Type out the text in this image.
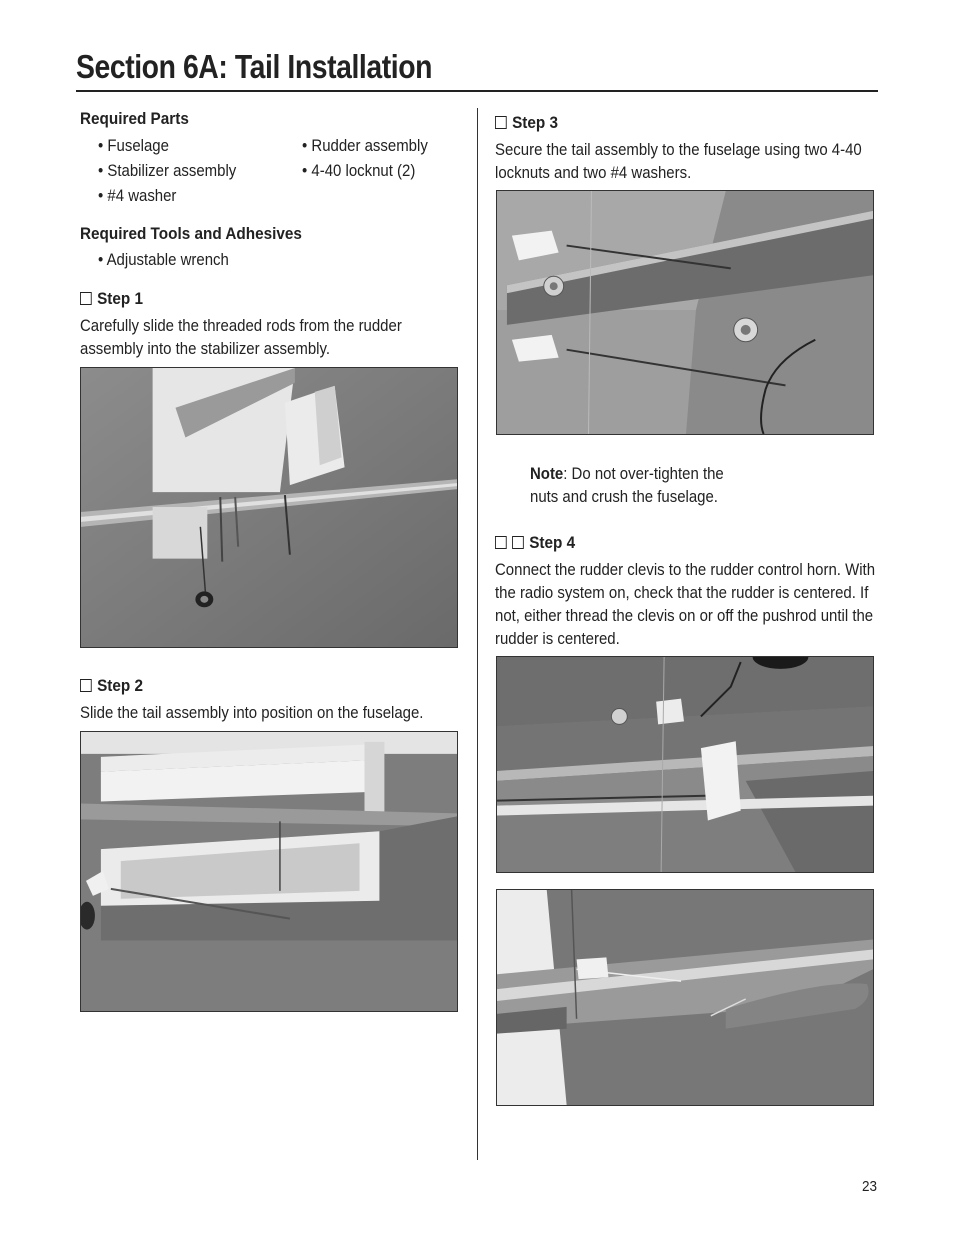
Section 6A: Tail Installation
Required Parts
• Fuselage
• Stabilizer assembly
• #4 washer
• Rudder assembly
• 4-40 locknut (2)
Required Tools and Adhesives
• Adjustable wrench
Step 1
Carefully slide the threaded rods from the rudder
assembly into the stabilizer assembly.
Step 2
Slide the tail assembly into position on the fuselage.
Step 3
Secure the tail assembly to the fuselage using two 4-40
locknuts and two #4 washers.
Note: Do not over-tighten the
nuts and crush the fuselage.
Step 4
Connect the rudder clevis to the rudder control horn. With
the radio system on, check that the rudder is centered. If
not, either thread the clevis on or off the pushrod until the
rudder is centered.
23
